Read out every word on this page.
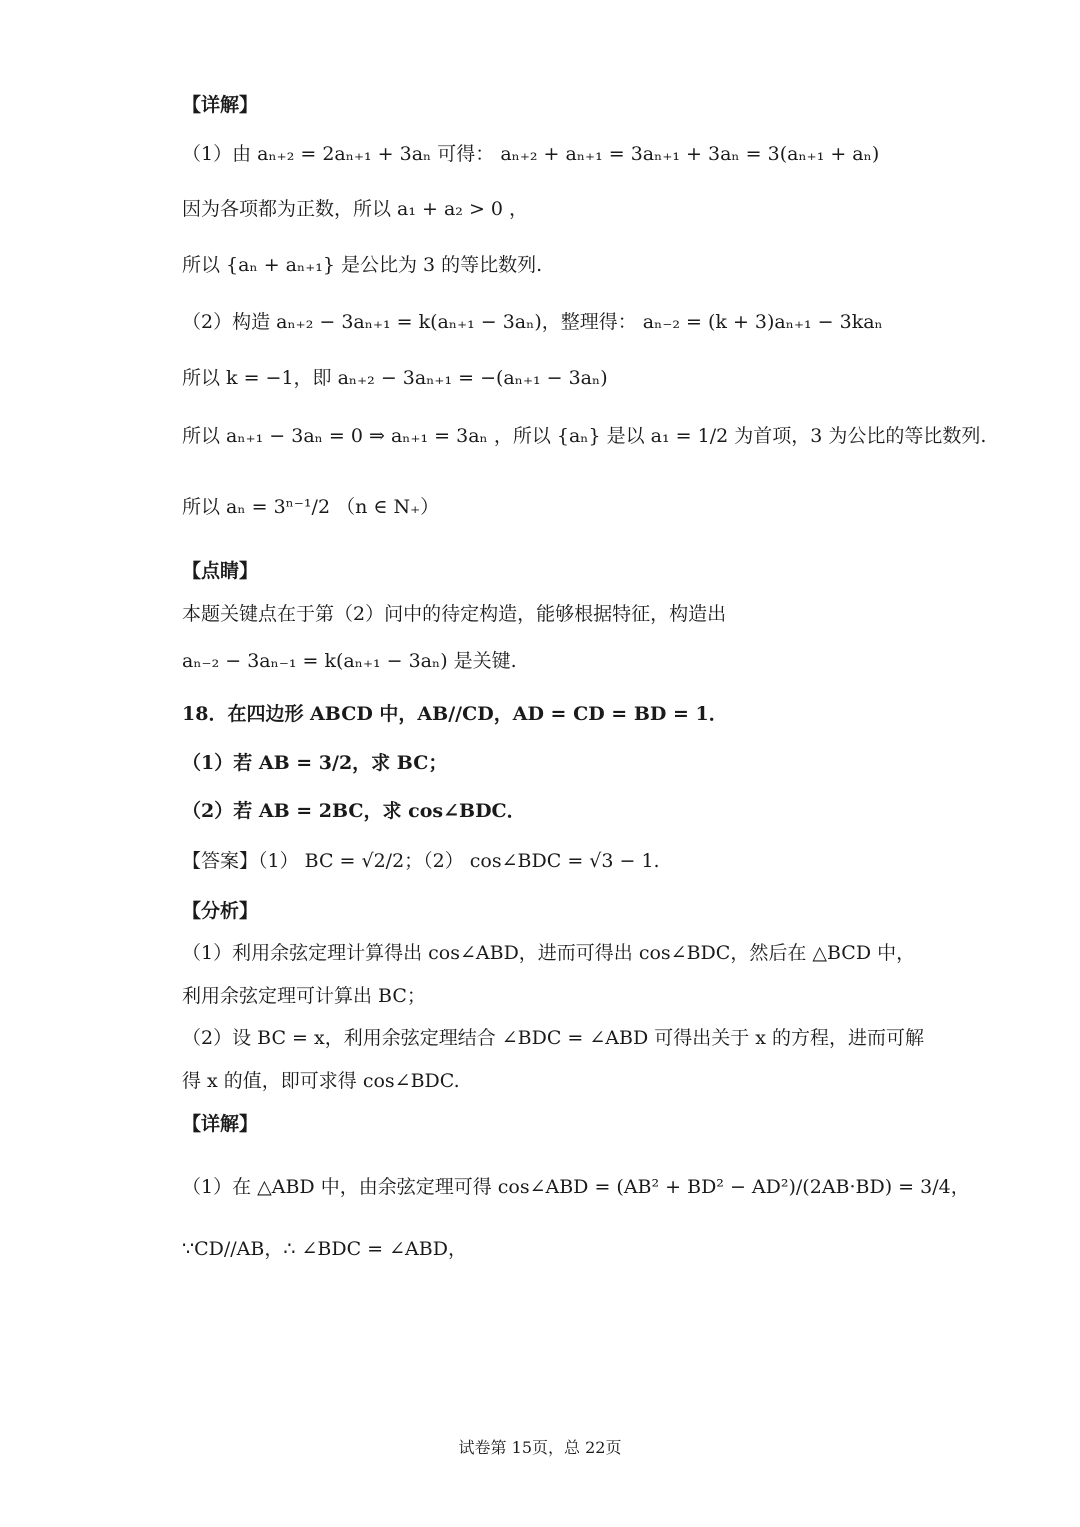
【详解】
（1）由 aₙ₊₂ = 2aₙ₊₁ + 3aₙ 可得： aₙ₊₂ + aₙ₊₁ = 3aₙ₊₁ + 3aₙ = 3(aₙ₊₁ + aₙ)
因为各项都为正数，所以 a₁ + a₂ > 0 ，
所以 {aₙ + aₙ₊₁} 是公比为 3 的等比数列.
（2）构造 aₙ₊₂ − 3aₙ₊₁ = k(aₙ₊₁ − 3aₙ)，整理得： aₙ₋₂ = (k + 3)aₙ₊₁ − 3kaₙ
所以 k = −1，即 aₙ₊₂ − 3aₙ₊₁ = −(aₙ₊₁ − 3aₙ)
所以 aₙ₊₁ − 3aₙ = 0 ⇒ aₙ₊₁ = 3aₙ ，所以 {aₙ} 是以 a₁ = 1/2 为首项，3 为公比的等比数列.
所以 aₙ = 3ⁿ⁻¹/2 （n ∈ N₊）
【点睛】
本题关键点在于第（2）问中的待定构造，能够根据特征，构造出
aₙ₋₂ − 3aₙ₋₁ = k(aₙ₊₁ − 3aₙ) 是关键.
18．在四边形 ABCD 中，AB//CD，AD = CD = BD = 1．
（1）若 AB = 3/2，求 BC；
（2）若 AB = 2BC，求 cos∠BDC．
【答案】（1） BC = √2/2；（2） cos∠BDC = √3 − 1.
【分析】
（1）利用余弦定理计算得出 cos∠ABD，进而可得出 cos∠BDC，然后在 △BCD 中，
利用余弦定理可计算出 BC；
（2）设 BC = x，利用余弦定理结合 ∠BDC = ∠ABD 可得出关于 x 的方程，进而可解
得 x 的值，即可求得 cos∠BDC.
【详解】
（1）在 △ABD 中，由余弦定理可得 cos∠ABD = (AB² + BD² − AD²)/(2AB·BD) = 3/4，
∵CD//AB，∴ ∠BDC = ∠ABD，
试卷第 15页，总 22页
